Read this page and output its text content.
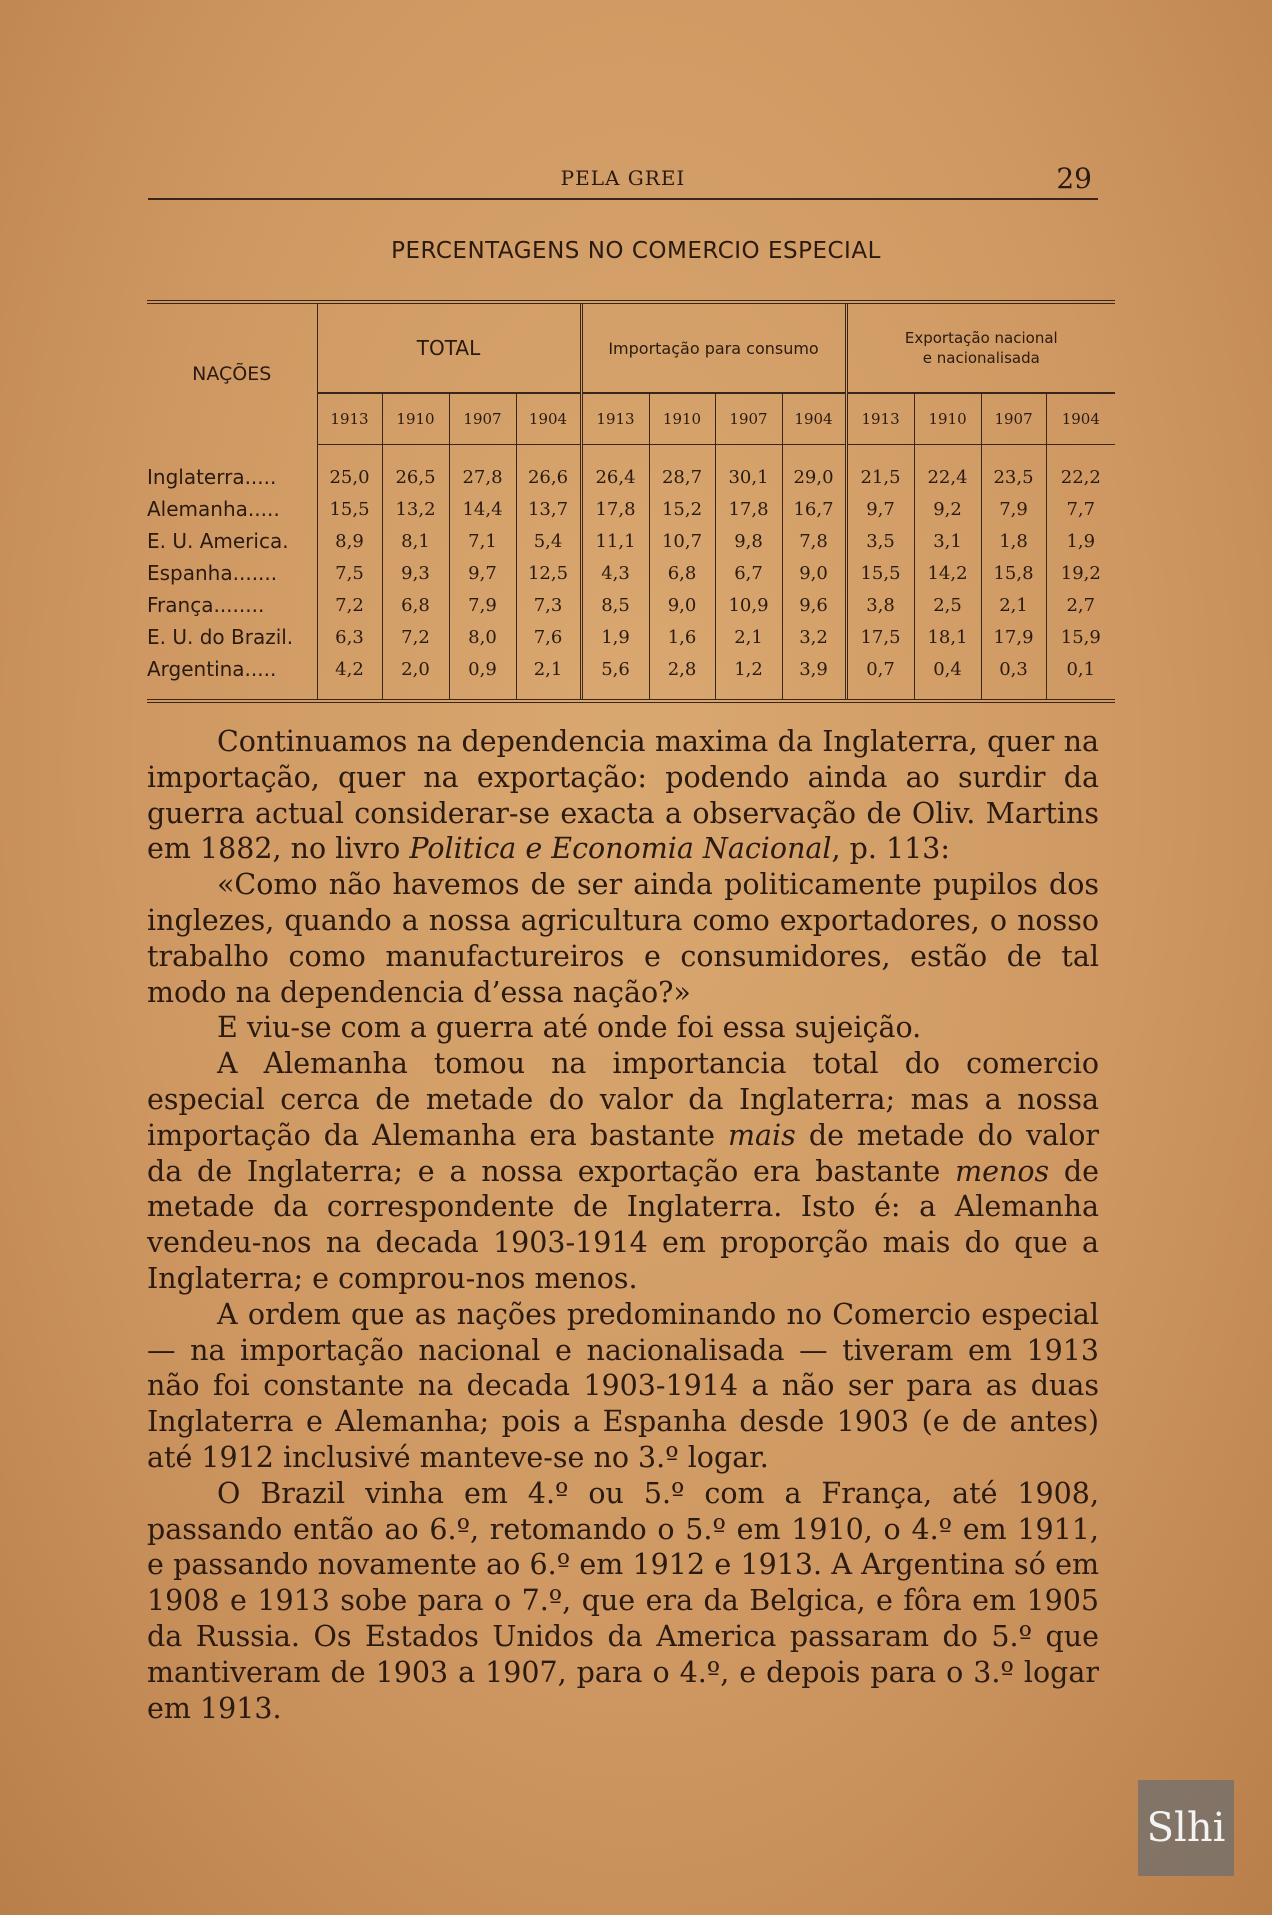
PELA GREI	29
PERCENTAGENS NO COMERCIO ESPECIAL
NAÇÕES	TOTAL				Importação para consumo				Exportação nacional
e nacionalisada			

	1913	1910	1907	1904	1913	1910	1907	1904	1913	1910	1907	1904

Inglaterra.....	25,0	26,5	27,8	26,6	26,4	28,7	30,1	29,0	21,5	22,4	23,5	22,2
Alemanha.....	15,5	13,2	14,4	13,7	17,8	15,2	17,8	16,7	9,7	9,2	7,9	7,7
E. U. America.	8,9	8,1	7,1	5,4	11,1	10,7	9,8	7,8	3,5	3,1	1,8	1,9
Espanha.......	7,5	9,3	9,7	12,5	4,3	6,8	6,7	9,0	15,5	14,2	15,8	19,2
França........	7,2	6,8	7,9	7,3	8,5	9,0	10,9	9,6	3,8	2,5	2,1	2,7
E. U. do Brazil.	6,3	7,2	8,0	7,6	1,9	1,6	2,1	3,2	17,5	18,1	17,9	15,9
Argentina.....	4,2	2,0	0,9	2,1	5,6	2,8	1,2	3,9	0,7	0,4	0,3	0,1

Continuamos na dependencia maxima da Inglaterra, quer na importação, quer na exportação: podendo ainda ao surdir da guerra actual considerar-se exacta a observação de Oliv. Martins em 1882, no livro Politica e Economia Nacional, p. 113:

«Como não havemos de ser ainda politicamente pupilos dos inglezes, quando a nossa agricultura como exportadores, o nosso trabalho como manufactureiros e consumidores, estão de tal modo na dependencia d’essa nação?»

E viu-se com a guerra até onde foi essa sujeição.

A Alemanha tomou na importancia total do comercio especial cerca de metade do valor da Inglaterra; mas a nossa importação da Alemanha era bastante mais de metade do valor da de Inglaterra; e a nossa exportação era bastante menos de metade da correspondente de Inglaterra. Isto é: a Alemanha vendeu-nos na decada 1903-1914 em proporção mais do que a Inglaterra; e comprou-nos menos.

A ordem que as nações predominando no Comercio especial — na importação nacional e nacionalisada — tiveram em 1913 não foi constante na decada 1903-1914 a não ser para as duas Inglaterra e Alemanha; pois a Espanha desde 1903 (e de antes) até 1912 inclusivé manteve-se no 3.º logar.

O Brazil vinha em 4.º ou 5.º com a França, até 1908, passando então ao 6.º, retomando o 5.º em 1910, o 4.º em 1911, e passando novamente ao 6.º em 1912 e 1913. A Argentina só em 1908 e 1913 sobe para o 7.º, que era da Belgica, e fôra em 1905 da Russia. Os Estados Unidos da America passaram do 5.º que mantiveram de 1903 a 1907, para o 4.º, e depois para o 3.º logar em 1913.

Slhi
